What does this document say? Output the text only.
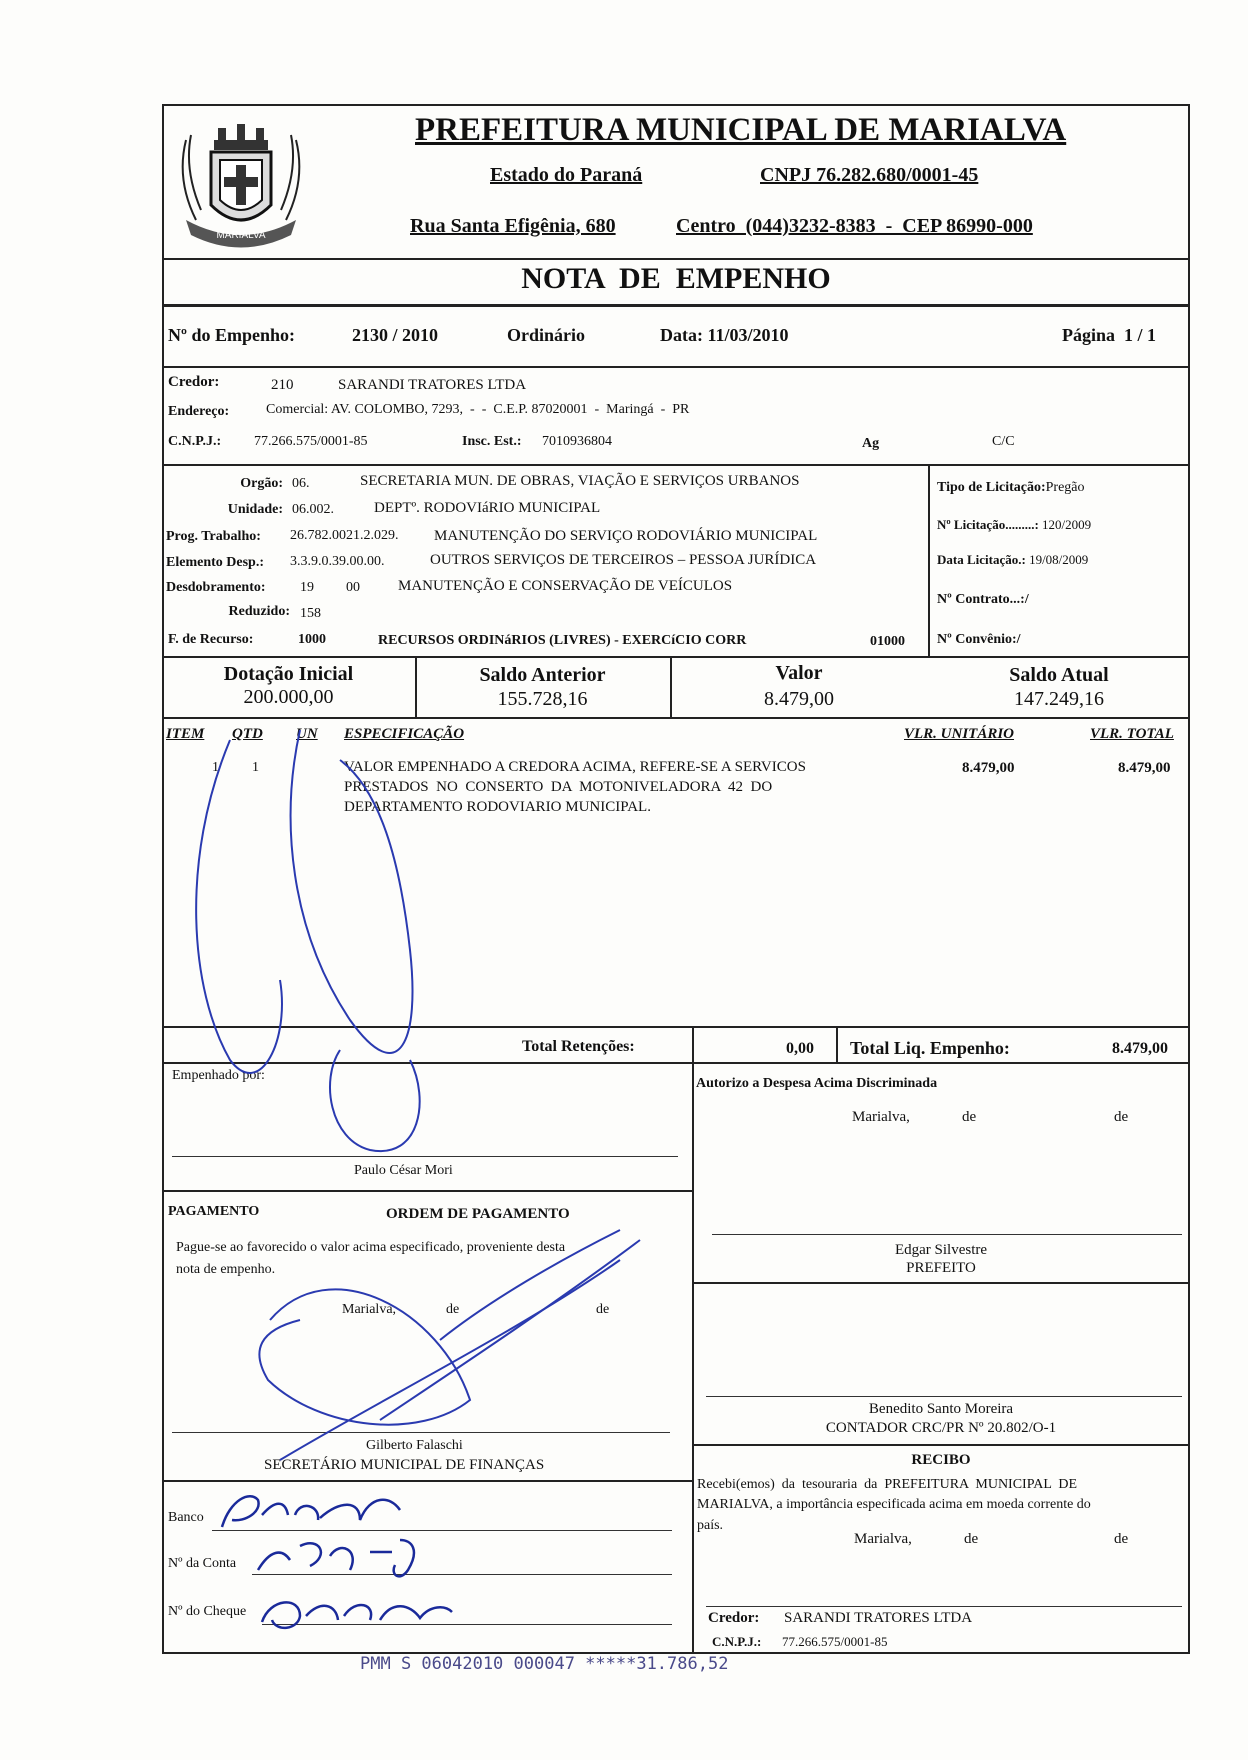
MARIALVA
PREFEITURA MUNICIPAL DE MARIALVA
Estado do Paraná	CNPJ 76.282.680/0001-45
Rua Santa Efigênia, 680	Centro  (044)3232-8383  -  CEP 86990-000
NOTA  DE  EMPENHO
Nº do Empenho:	2130 / 2010	Ordinário	Data: 11/03/2010	Página  1 / 1
Credor:	210	SARANDI TRATORES LTDA
Endereço:	Comercial: AV. COLOMBO, 7293,  -  -  C.E.P. 87020001  -  Maringá  -  PR
C.N.P.J.: 77.266.575/0001-85	Insc. Est.: 7010936804	Ag	C/C
Orgão: 06.	SECRETARIA MUN. DE OBRAS, VIAÇÃO E SERVIÇOS URBANOS
Unidade: 06.002.	DEPTº. RODOVIáRIO MUNICIPAL
Prog. Trabalho: 26.782.0021.2.029. MANUTENÇÃO DO SERVIÇO RODOVIÁRIO MUNICIPAL
Elemento Desp.: 3.3.9.0.39.00.00.	OUTROS SERVIÇOS DE TERCEIROS – PESSOA JURÍDICA
Desdobramento: 19 00	MANUTENÇÃO E CONSERVAÇÃO DE VEÍCULOS
Reduzido: 158
F. de Recurso:	1000	RECURSOS ORDINáRIOS (LIVRES) - EXERCíCIO CORR	01000
Tipo de Licitação:Pregão
Nº Licitação.........: 120/2009
Data Licitação.: 19/08/2009
Nº Contrato...:/
Nº Convênio:/
Dotação Inicial
200.000,00
Saldo Anterior
155.728,16
Valor
8.479,00
Saldo Atual
147.249,16
ITEM QTD UN ESPECIFICAÇÃO	VLR. UNITÁRIO	VLR. TOTAL
1 1	VALOR EMPENHADO A CREDORA ACIMA, REFERE-SE A SERVICOS
PRESTADOS  NO  CONSERTO  DA  MOTONIVELADORA  42  DO
DEPARTAMENTO RODOVIARIO MUNICIPAL.
8.479,00	8.479,00
Total Retenções:	0,00 Total Liq. Empenho:	8.479,00
Empenhado por:
Paulo César Mori
PAGAMENTO	ORDEM DE PAGAMENTO
Pague-se ao favorecido o valor acima especificado, proveniente desta
nota de empenho.
Marialva,	de	de
Gilberto Falaschi
SECRETÁRIO MUNICIPAL DE FINANÇAS
Banco
Nº da Conta
Nº do Cheque
Autorizo a Despesa Acima Discriminada
Marialva,	de	de
Edgar Silvestre
PREFEITO
Benedito Santo Moreira
CONTADOR CRC/PR Nº 20.802/O-1
RECIBO
Recebi(emos)  da  tesouraria  da  PREFEITURA  MUNICIPAL  DE
MARIALVA, a importância especificada acima em moeda corrente do
país.
Marialva,	de	de
Credor: SARANDI TRATORES LTDA
C.N.P.J.: 77.266.575/0001-85
PMM S 06042010 000047 *****31.786,52
